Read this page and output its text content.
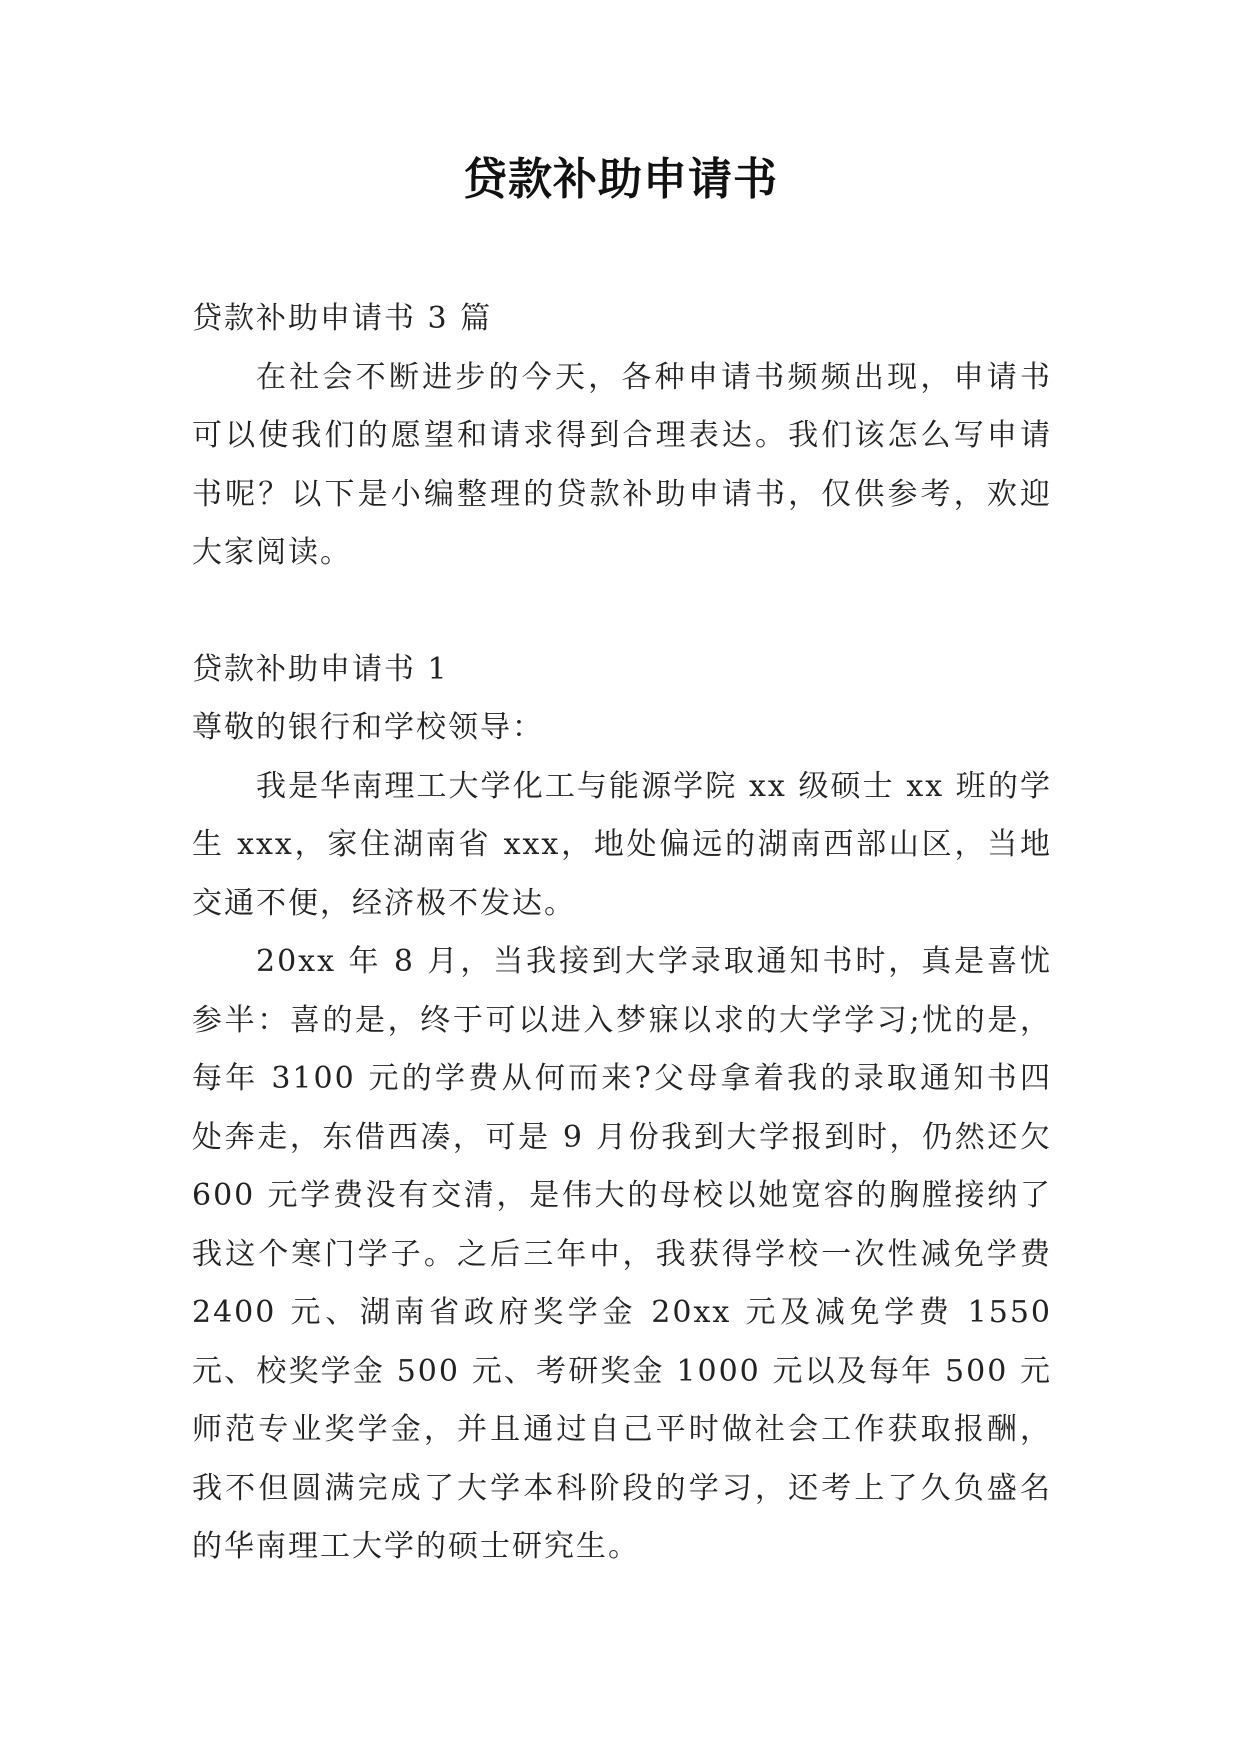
贷款补助申请书

贷款补助申请书 3 篇

在社会不断进步的今天，各种申请书频频出现，申请书可以使我们的愿望和请求得到合理表达。我们该怎么写申请书呢？以下是小编整理的贷款补助申请书，仅供参考，欢迎大家阅读。

贷款补助申请书 1

尊敬的银行和学校领导：

我是华南理工大学化工与能源学院 xx 级硕士 xx 班的学生 xxx，家住湖南省 xxx，地处偏远的湖南西部山区，当地交通不便，经济极不发达。

20xx 年 8 月，当我接到大学录取通知书时，真是喜忧参半：喜的是，终于可以进入梦寐以求的大学学习;忧的是，每年 3100 元的学费从何而来?父母拿着我的录取通知书四处奔走，东借西凑，可是 9 月份我到大学报到时，仍然还欠 600 元学费没有交清，是伟大的母校以她宽容的胸膛接纳了我这个寒门学子。之后三年中，我获得学校一次性减免学费 2400 元、湖南省政府奖学金 20xx 元及减免学费 1550 元、校奖学金 500 元、考研奖金 1000 元以及每年 500 元师范专业奖学金，并且通过自己平时做社会工作获取报酬，我不但圆满完成了大学本科阶段的学习，还考上了久负盛名的华南理工大学的硕士研究生。
